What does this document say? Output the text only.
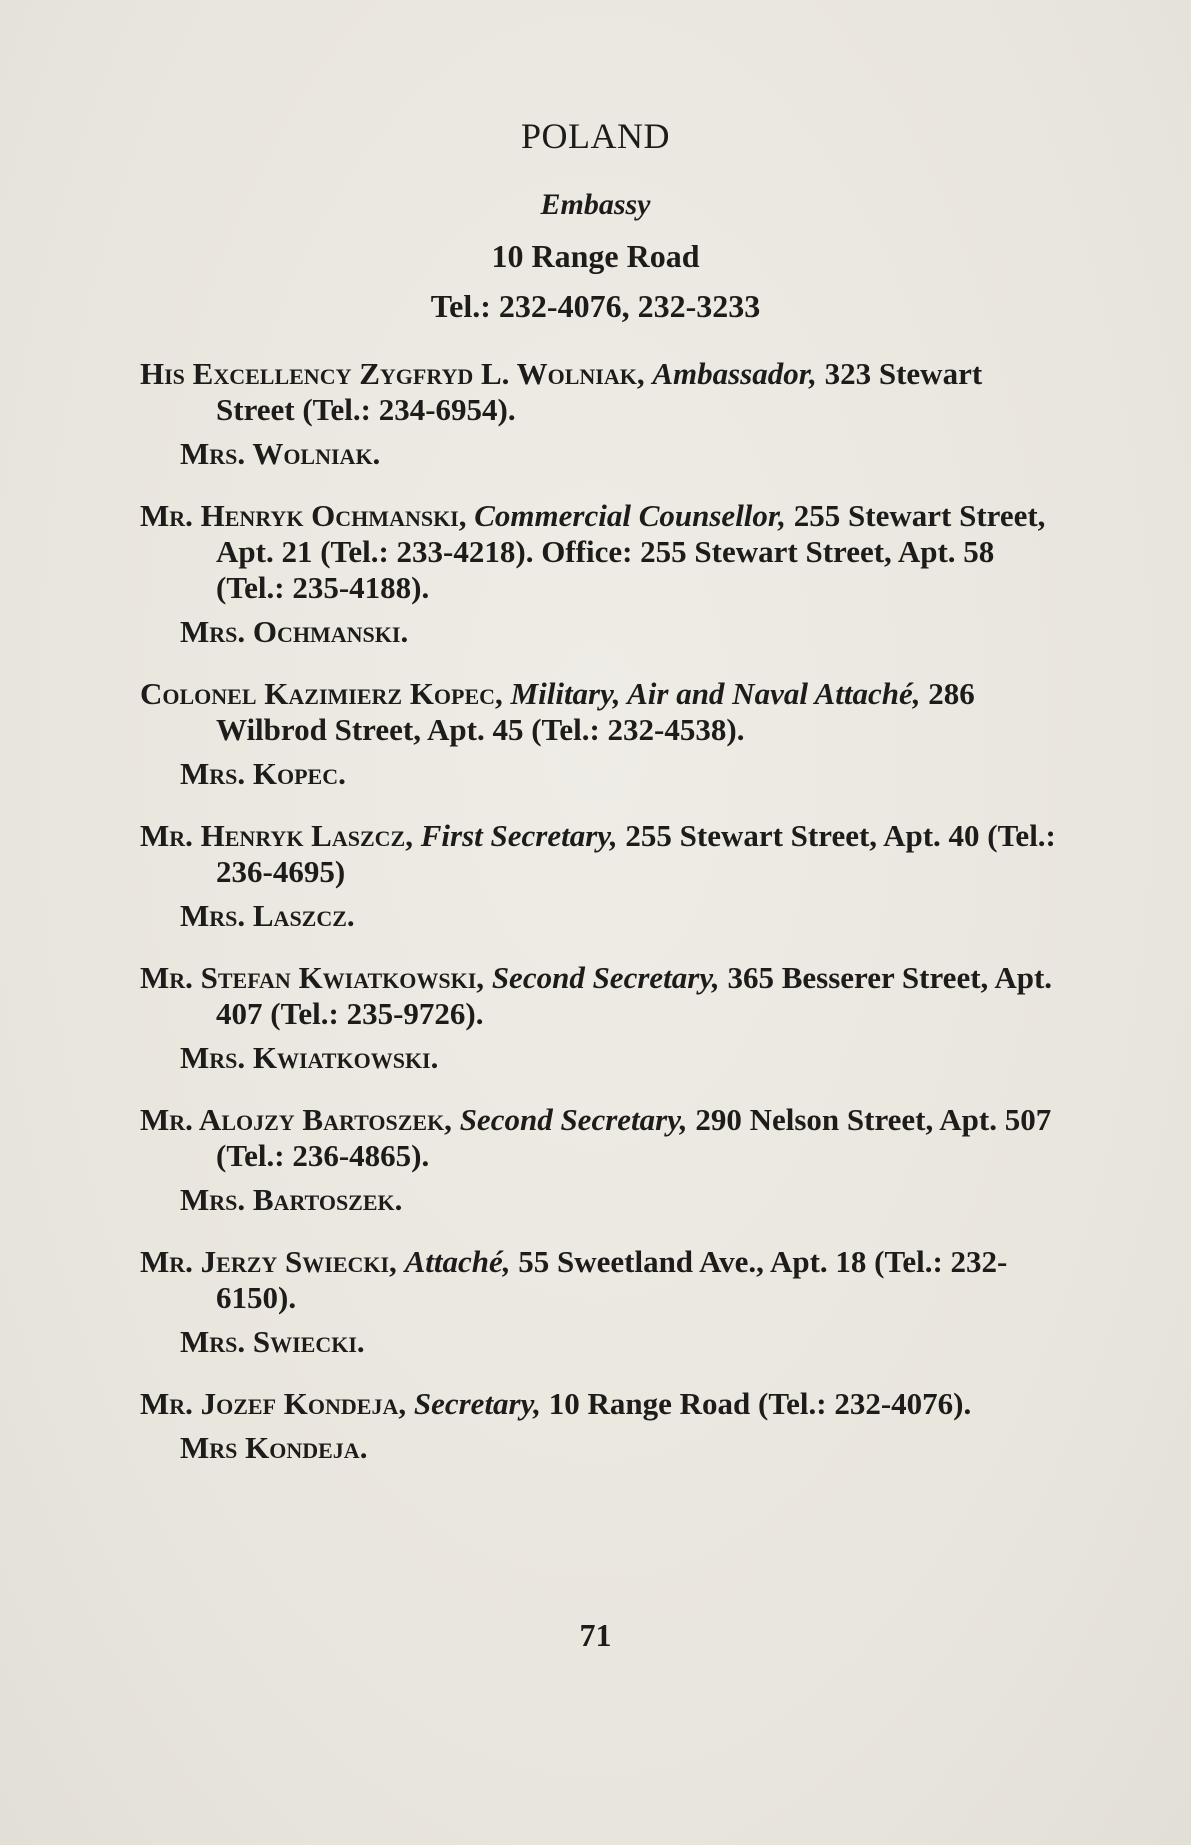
POLAND
Embassy
10 Range Road
Tel.: 232-4076, 232-3233
His Excellency Zygfryd L. Wolniak, Ambassador, 323 Stewart Street (Tel.: 234-6954).
Mrs. Wolniak.
Mr. Henryk Ochmanski, Commercial Counsellor, 255 Stewart Street, Apt. 21 (Tel.: 233-4218). Office: 255 Stewart Street, Apt. 58 (Tel.: 235-4188).
Mrs. Ochmanski.
Colonel Kazimierz Kopec, Military, Air and Naval Attaché, 286 Wilbrod Street, Apt. 45 (Tel.: 232-4538).
Mrs. Kopec.
Mr. Henryk Laszcz, First Secretary, 255 Stewart Street, Apt. 40 (Tel.: 236-4695)
Mrs. Laszcz.
Mr. Stefan Kwiatkowski, Second Secretary, 365 Besserer Street, Apt. 407 (Tel.: 235-9726).
Mrs. Kwiatkowski.
Mr. Alojzy Bartoszek, Second Secretary, 290 Nelson Street, Apt. 507 (Tel.: 236-4865).
Mrs. Bartoszek.
Mr. Jerzy Swiecki, Attaché, 55 Sweetland Ave., Apt. 18 (Tel.: 232-6150).
Mrs. Swiecki.
Mr. Jozef Kondeja, Secretary, 10 Range Road (Tel.: 232-4076).
Mrs Kondeja.
71
